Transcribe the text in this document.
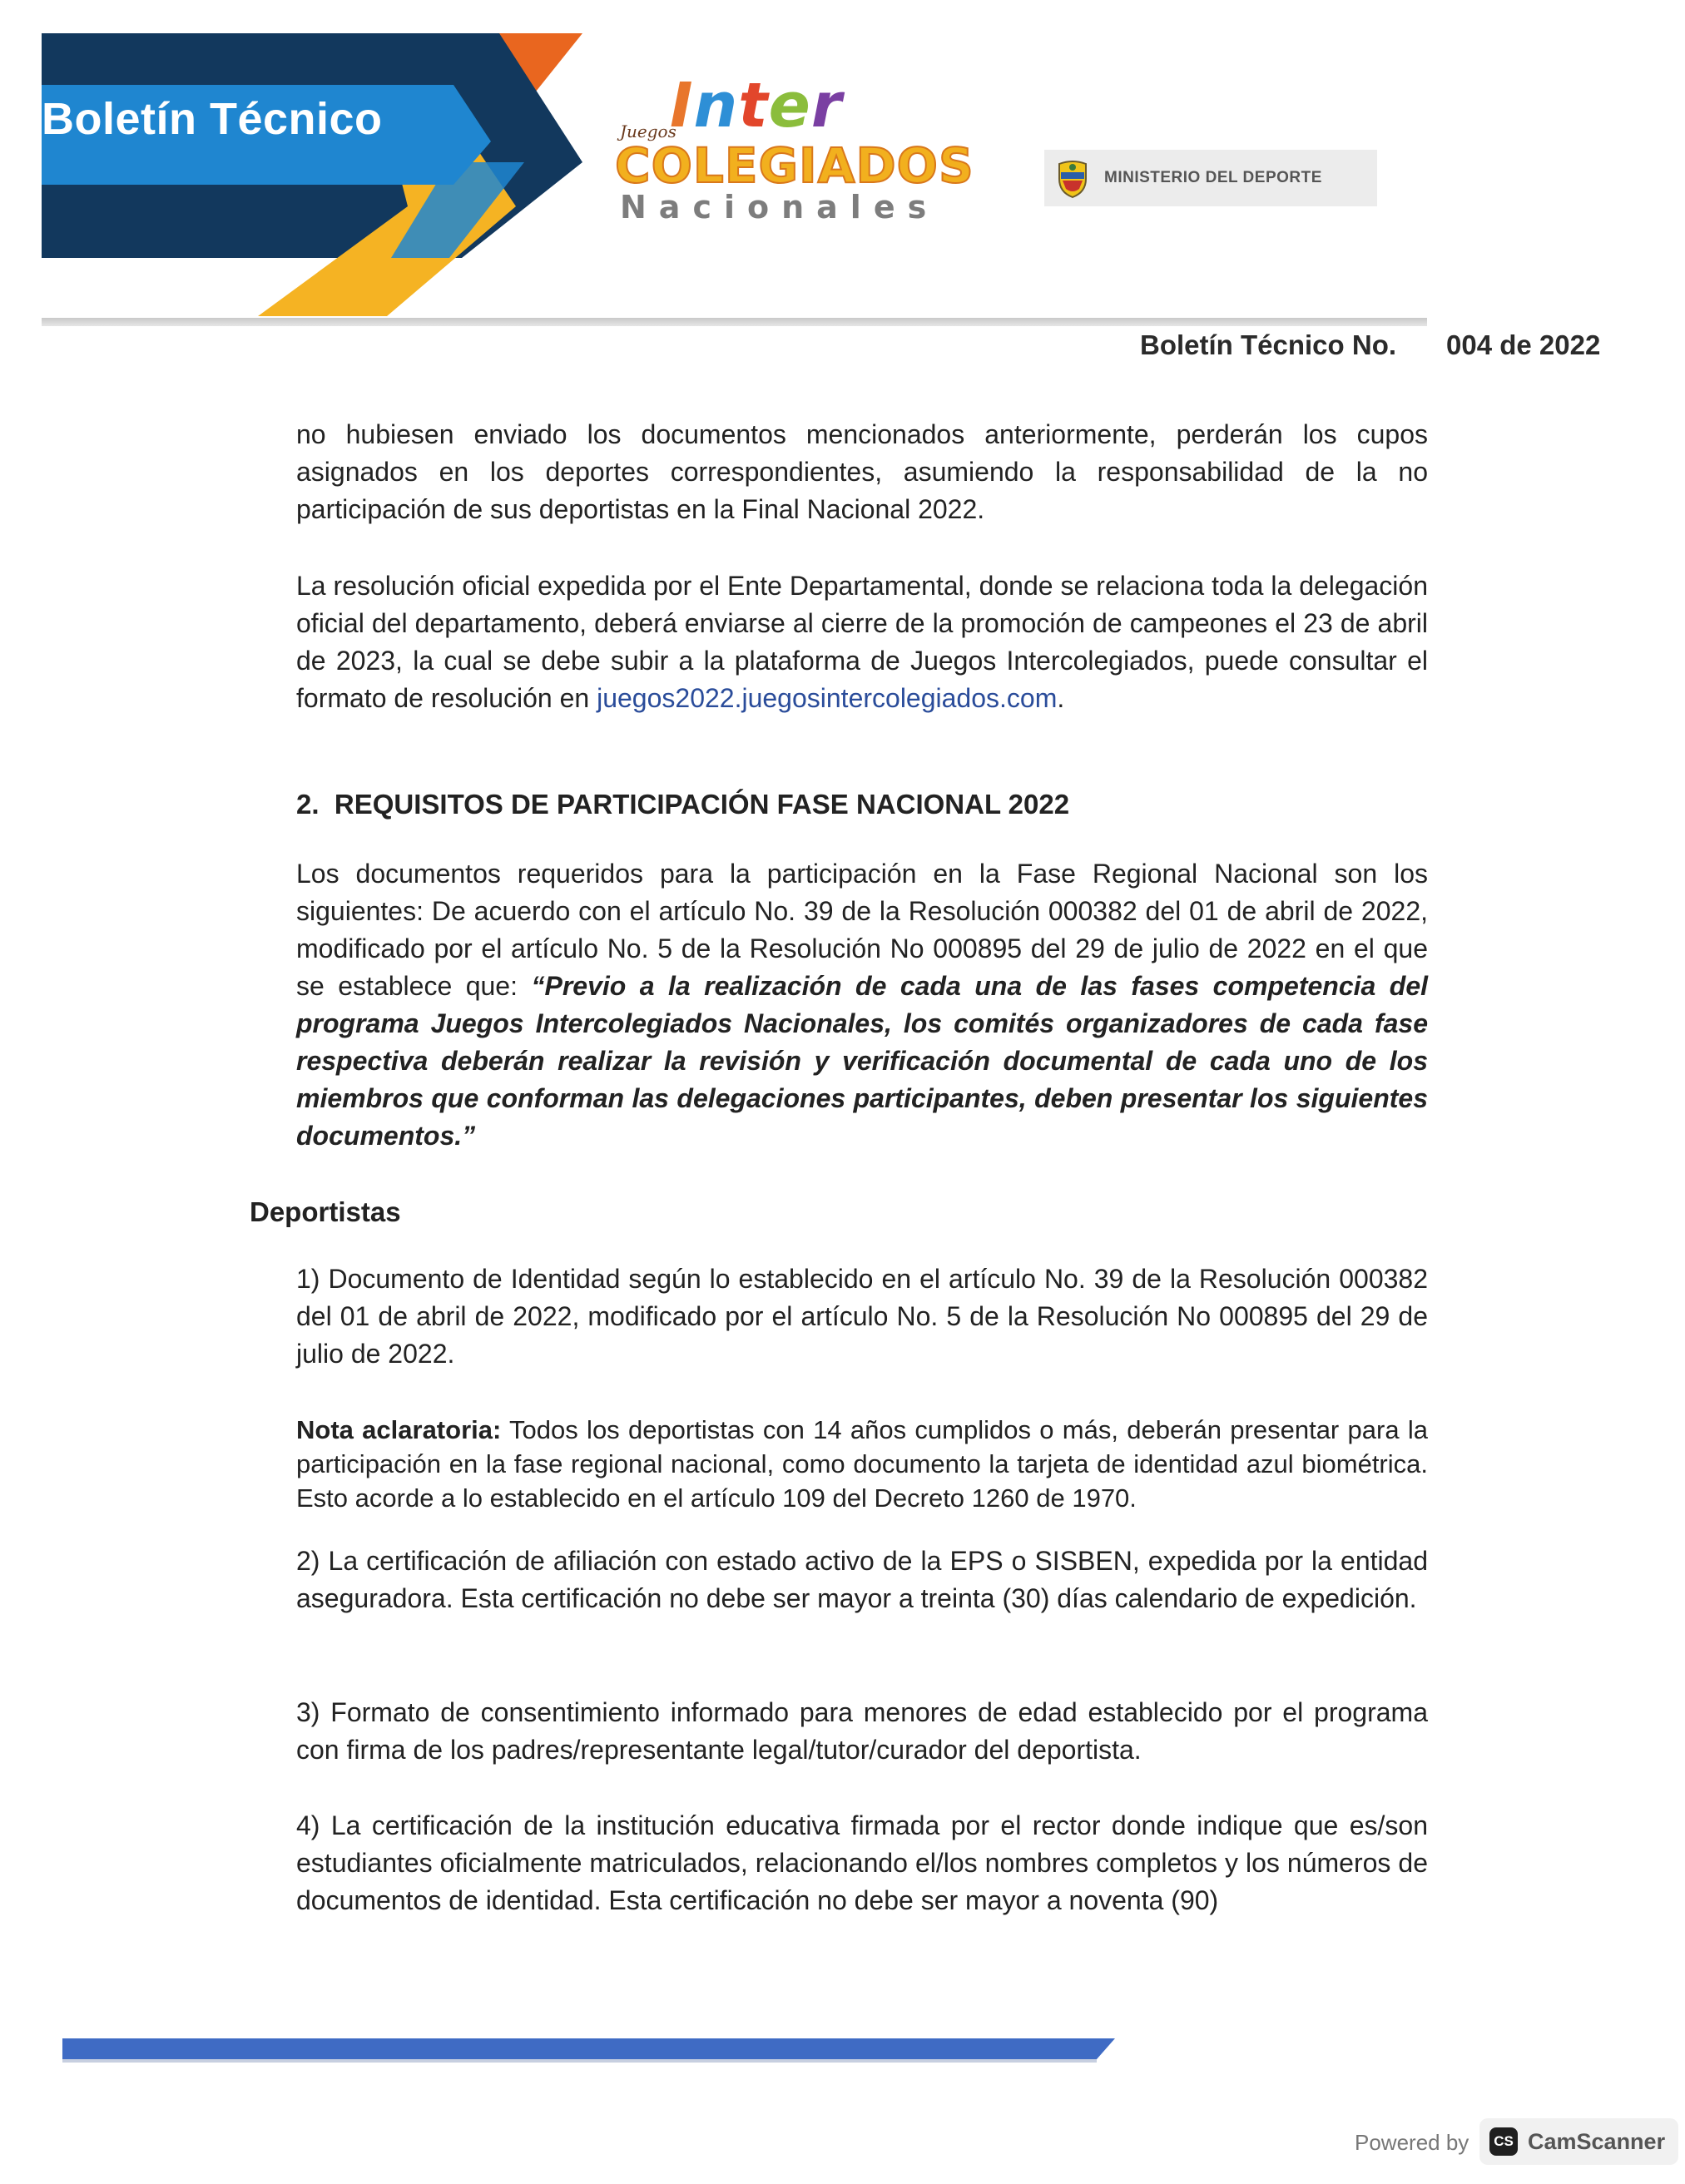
Boletín Técnico	Juegos
Inter
COLEGIADOS
Nacionales
MINISTERIO DEL DEPORTE
Boletín Técnico No. 004 de 2022

no hubiesen enviado los documentos mencionados anteriormente, perderán los cupos asignados en los deportes correspondientes, asumiendo la responsabilidad de la no participación de sus deportistas en la Final Nacional 2022.

La resolución oficial expedida por el Ente Departamental, donde se relaciona toda la delegación oficial del departamento, deberá enviarse al cierre de la promoción de campeones el 23 de abril de 2023, la cual se debe subir a la plataforma de Juegos Intercolegiados, puede consultar el formato de resolución en juegos2022.juegosintercolegiados.com.

2. REQUISITOS DE PARTICIPACIÓN FASE NACIONAL 2022

Los documentos requeridos para la participación en la Fase Regional Nacional son los siguientes: De acuerdo con el artículo No. 39 de la Resolución 000382 del 01 de abril de 2022, modificado por el artículo No. 5 de la Resolución No 000895 del 29 de julio de 2022 en el que se establece que: “Previo a la realización de cada una de las fases competencia del programa Juegos Intercolegiados Nacionales, los comités organizadores de cada fase respectiva deberán realizar la revisión y verificación documental de cada uno de los miembros que conforman las delegaciones participantes, deben presentar los siguientes documentos.”

Deportistas

1) Documento de Identidad según lo establecido en el artículo No. 39 de la Resolución 000382 del 01 de abril de 2022, modificado por el artículo No. 5 de la Resolución No 000895 del 29 de julio de 2022.

Nota aclaratoria: Todos los deportistas con 14 años cumplidos o más, deberán presentar para la participación en la fase regional nacional, como documento la tarjeta de identidad azul biométrica. Esto acorde a lo establecido en el artículo 109 del Decreto 1260 de 1970.

2) La certificación de afiliación con estado activo de la EPS o SISBEN, expedida por la entidad aseguradora. Esta certificación no debe ser mayor a treinta (30) días calendario de expedición.

3) Formato de consentimiento informado para menores de edad establecido por el programa con firma de los padres/representante legal/tutor/curador del deportista.

4) La certificación de la institución educativa firmada por el rector donde indique que es/son estudiantes oficialmente matriculados, relacionando el/los nombres completos y los números de documentos de identidad. Esta certificación no debe ser mayor a noventa (90)

Powered by	CS CamScanner
